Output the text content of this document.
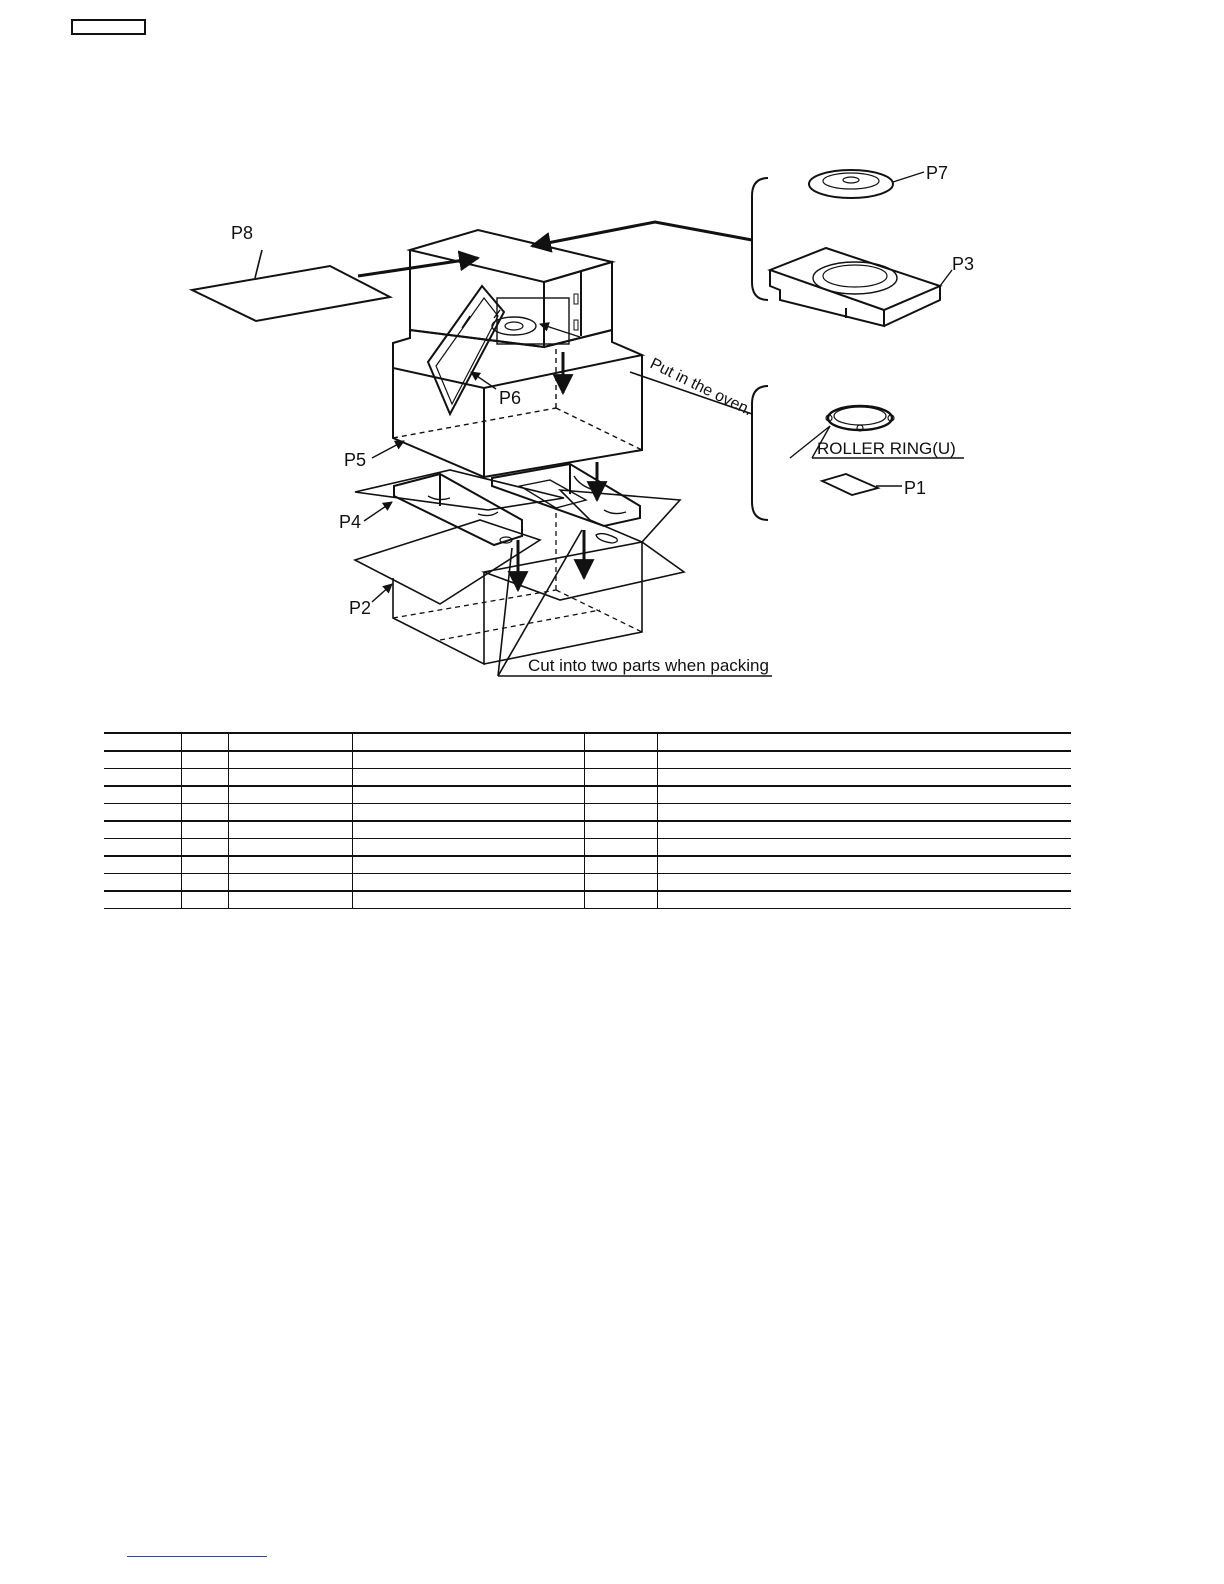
P8
P7
P3
P6
P5
P4
P2
P1
ROLLER RING(U)
Put in the oven.
Cut into two parts when packing
